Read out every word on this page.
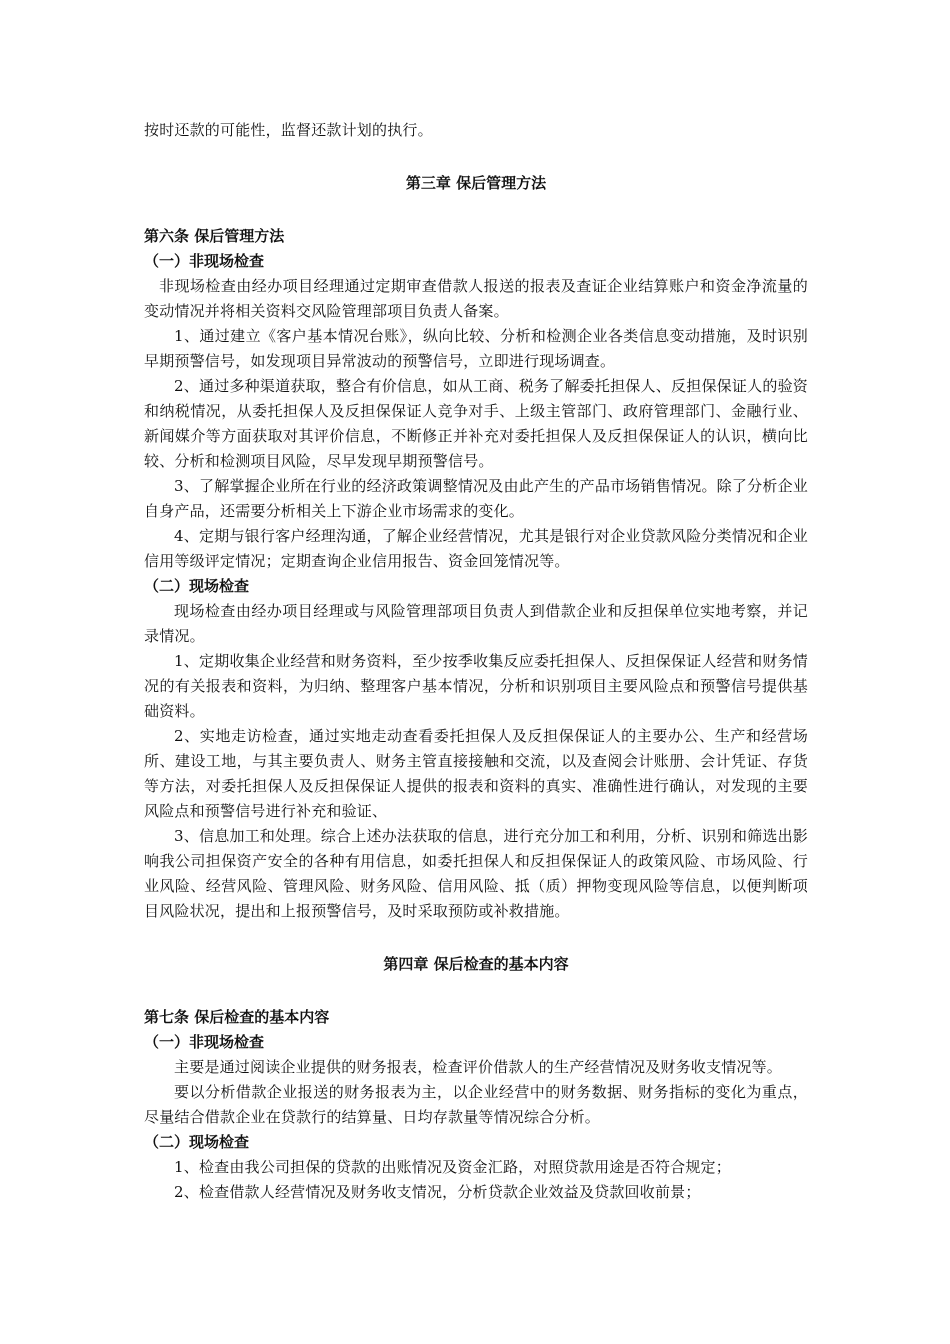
按时还款的可能性，监督还款计划的执行。

第三章 保后管理方法
第六条 保后管理方法
（一）非现场检查

非现场检查由经办项目经理通过定期审查借款人报送的报表及查证企业结算账户和资金净流量的变动情况并将相关资料交风险管理部项目负责人备案。

1、通过建立《客户基本情况台账》，纵向比较、分析和检测企业各类信息变动措施，及时识别早期预警信号，如发现项目异常波动的预警信号，立即进行现场调查。

2、通过多种渠道获取，整合有价信息，如从工商、税务了解委托担保人、反担保保证人的验资和纳税情况，从委托担保人及反担保保证人竞争对手、上级主管部门、政府管理部门、金融行业、新闻媒介等方面获取对其评价信息，不断修正并补充对委托担保人及反担保保证人的认识，横向比较、分析和检测项目风险，尽早发现早期预警信号。

3、了解掌握企业所在行业的经济政策调整情况及由此产生的产品市场销售情况。除了分析企业自身产品，还需要分析相关上下游企业市场需求的变化。

4、定期与银行客户经理沟通，了解企业经营情况，尤其是银行对企业贷款风险分类情况和企业信用等级评定情况；定期查询企业信用报告、资金回笼情况等。

（二）现场检查

现场检查由经办项目经理或与风险管理部项目负责人到借款企业和反担保单位实地考察，并记录情况。

1、定期收集企业经营和财务资料，至少按季收集反应委托担保人、反担保保证人经营和财务情况的有关报表和资料，为归纳、整理客户基本情况，分析和识别项目主要风险点和预警信号提供基础资料。

2、实地走访检查，通过实地走动查看委托担保人及反担保保证人的主要办公、生产和经营场所、建设工地，与其主要负责人、财务主管直接接触和交流，以及查阅会计账册、会计凭证、存货等方法，对委托担保人及反担保保证人提供的报表和资料的真实、准确性进行确认，对发现的主要风险点和预警信号进行补充和验证、

3、信息加工和处理。综合上述办法获取的信息，进行充分加工和利用，分析、识别和筛选出影响我公司担保资产安全的各种有用信息，如委托担保人和反担保保证人的政策风险、市场风险、行业风险、经营风险、管理风险、财务风险、信用风险、抵（质）押物变现风险等信息，以便判断项目风险状况，提出和上报预警信号，及时采取预防或补救措施。

第四章 保后检查的基本内容
第七条 保后检查的基本内容
（一）非现场检查

主要是通过阅读企业提供的财务报表，检查评价借款人的生产经营情况及财务收支情况等。

要以分析借款企业报送的财务报表为主，以企业经营中的财务数据、财务指标的变化为重点，尽量结合借款企业在贷款行的结算量、日均存款量等情况综合分析。

（二）现场检查

1、检查由我公司担保的贷款的出账情况及资金汇路，对照贷款用途是否符合规定；

2、检查借款人经营情况及财务收支情况，分析贷款企业效益及贷款回收前景；
